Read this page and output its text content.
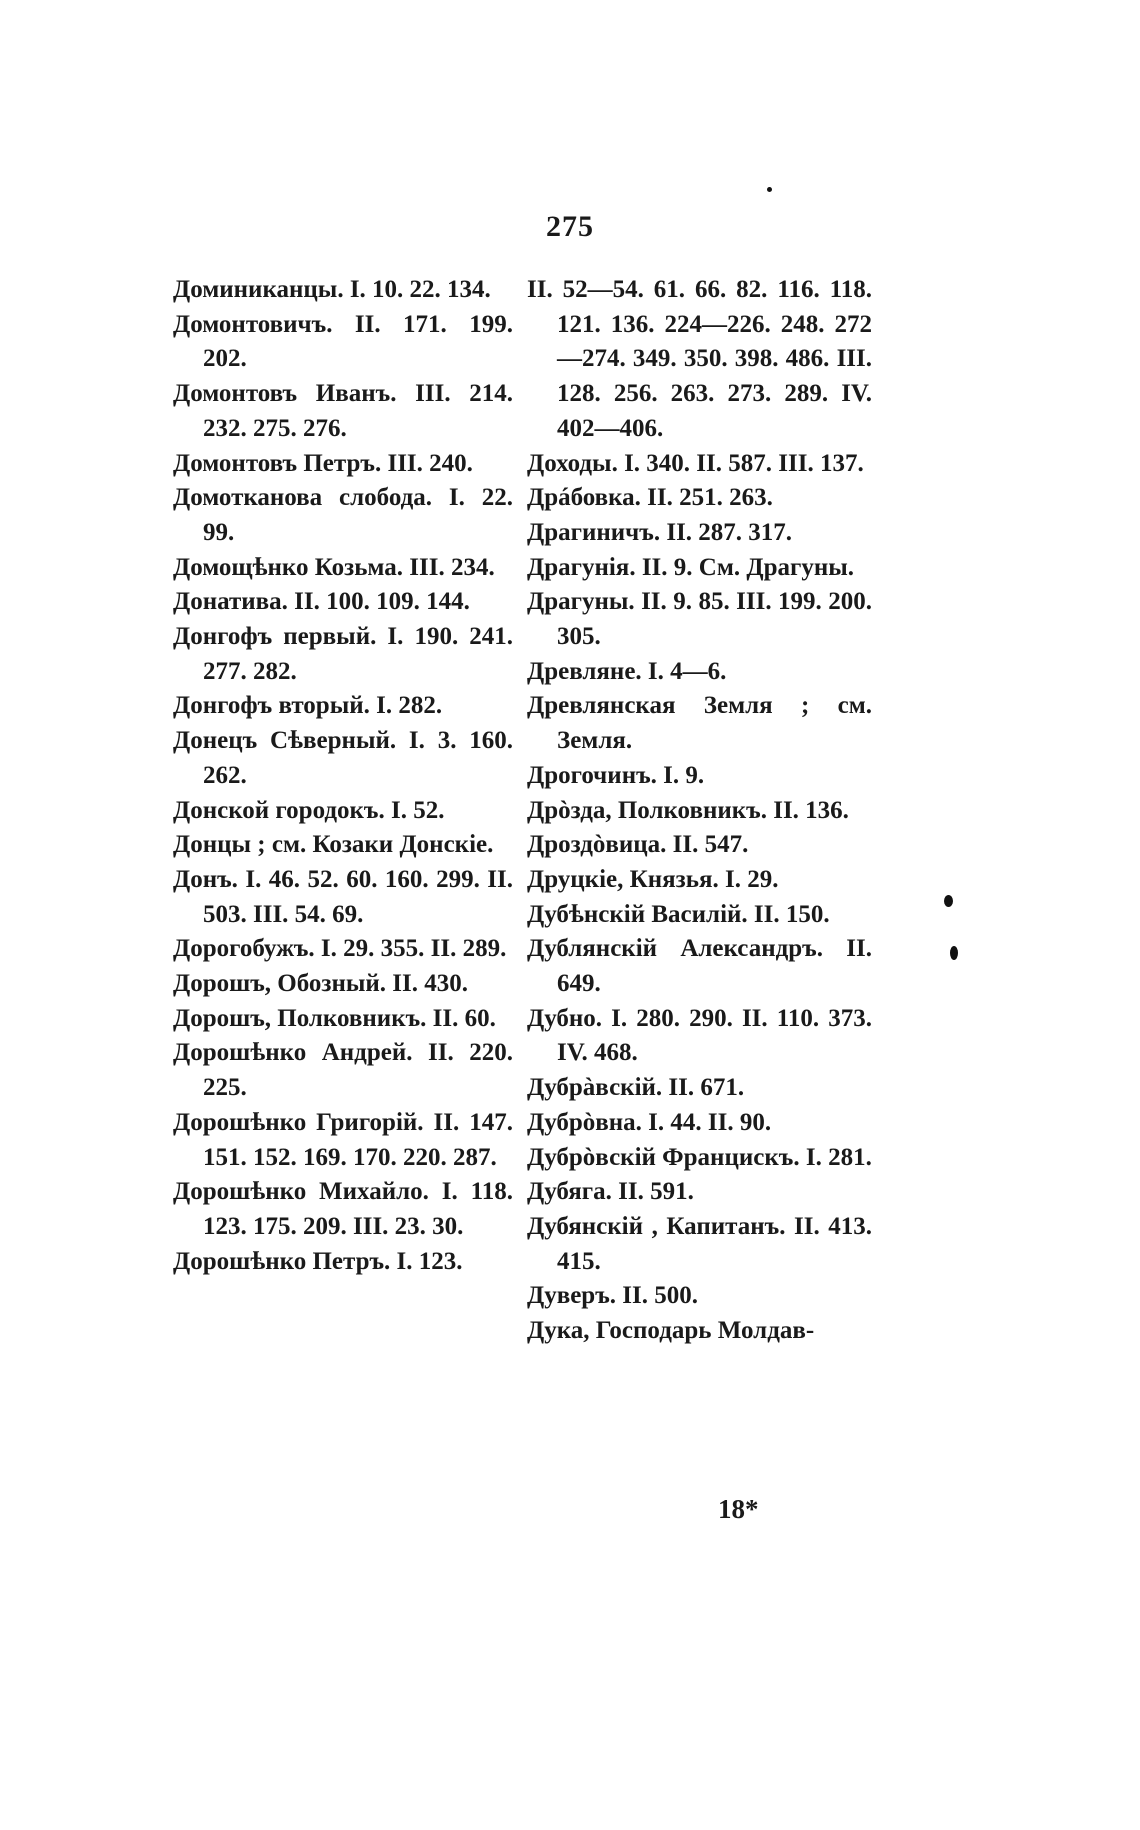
275
Доминиканцы. I. 10. 22. 134.
Домонтовичъ. II. 171. 199. 202.
Домонтовъ Иванъ. III. 214. 232. 275. 276.
Домонтовъ Петръ. III. 240.
Домотканова слобода. I. 22. 99.
Домощѣнко Козьма. III. 234.
Донатива. II. 100. 109. 144.
Донгофъ первый. I. 190. 241. 277. 282.
Донгофъ вторый. I. 282.
Донецъ Сѣверный. I. 3. 160. 262.
Донской городокъ. I. 52.
Донцы ; см. Козаки Донскіе.
Донъ. I. 46. 52. 60. 160. 299. II. 503. III. 54. 69.
Дорогобужъ. I. 29. 355. II. 289.
Дорошъ, Обозный. II. 430.
Дорошъ, Полковникъ. II. 60.
Дорошѣнко Андрей. II. 220. 225.
Дорошѣнко Григорій. II. 147. 151. 152. 169. 170. 220. 287.
Дорошѣнко Михайло. I. 118. 123. 175. 209. III. 23. 30.
Дорошѣнко Петръ. I. 123.
II. 52—54. 61. 66. 82. 116. 118. 121. 136. 224—226. 248. 272—274. 349. 350. 398. 486. III. 128. 256. 263. 273. 289. IV. 402—406.
Доходы. I. 340. II. 587. III. 137.
Дрáбовка. II. 251. 263.
Драгиничъ. II. 287. 317.
Драгунія. II. 9. См. Драгуны.
Драгуны. II. 9. 85. III. 199. 200. 305.
Древляне. I. 4—6.
Древлянская Земля ; см. Земля.
Дрогочинъ. I. 9.
Дрòзда, Полковникъ. II. 136.
Дроздòвица. II. 547.
Друцкіе, Князья. I. 29.
Дубѣнскій Василій. II. 150.
Дублянскій Александръ. II. 649.
Дубно. I. 280. 290. II. 110. 373. IV. 468.
Дубрàвскій. II. 671.
Дубрòвна. I. 44. II. 90.
Дубрòвскій Францискъ. I. 281.
Дубяга. II. 591.
Дубянскій , Капитанъ. II. 413. 415.
Дуверъ. II. 500.
Дука, Господарь Молдав-
18*
